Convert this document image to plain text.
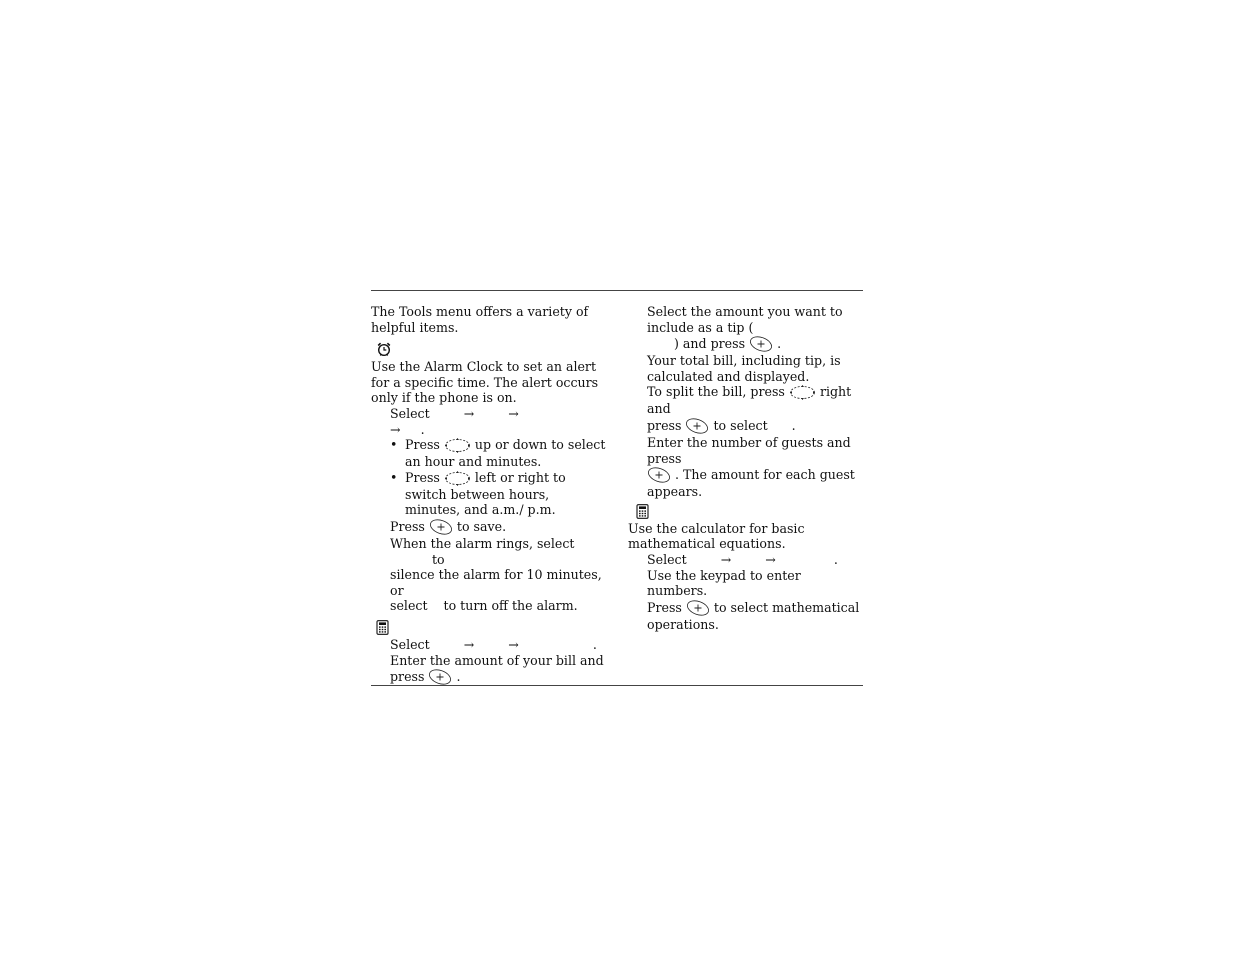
The Tools menu offers a variety of helpful items.

Use the Alarm Clock to set an alert for a specific time. The alert occurs only if the phone is on.

Select	→	→
→ .

• Press	up or down to select an hour and minutes.

• Press	left or right to switch between hours, minutes, and a.m./ p.m.

Press	to save.

When the alarm rings, selectto
silence the alarm for 10 minutes, or
select to turn off the alarm.

Select	→	→	.

Enter the amount of your bill and
press	.

Select the amount you want to
include as a tip (
) and press	.

Your total bill, including tip, is calculated and displayed.

To split the bill, press	right and
press	to select .

Enter the number of guests and press
. The amount for each guest appears.

Use the calculator for basic mathematical equations.

Select	→	→	.

Use the keypad to enter numbers.

Press	to select mathematical
operations.
